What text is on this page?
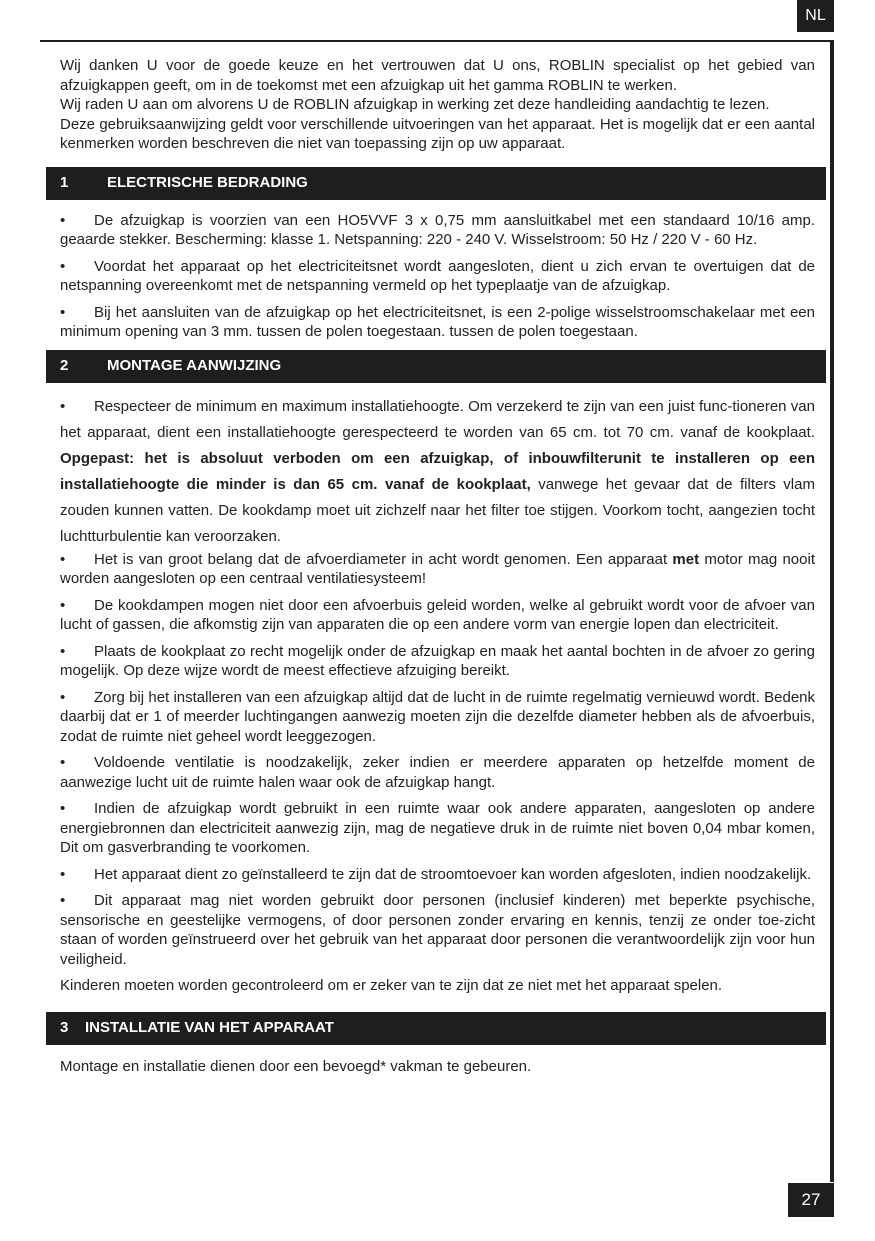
NL

Wij danken U voor de goede keuze en het vertrouwen dat U ons, ROBLIN specialist op het gebied van afzuigkappen geeft, om in de toekomst met een afzuigkap uit het gamma ROBLIN te werken.

Wij raden U aan om alvorens U de ROBLIN afzuigkap in werking zet deze handleiding aandachtig te lezen.

Deze gebruiksaanwijzing geldt voor verschillende uitvoeringen van het apparaat. Het is mogelijk dat er een aantal kenmerken worden beschreven die niet van toepassing zijn op uw apparaat.

1	ELECTRISCHE BEDRADING

• De afzuigkap is voorzien van een HO5VVF 3 x 0,75 mm aansluitkabel met een standaard 10/16 amp. geaarde stekker. Bescherming: klasse 1. Netspanning: 220 - 240 V. Wisselstroom: 50 Hz / 220 V - 60 Hz.

• Voordat het apparaat op het electriciteitsnet wordt aangesloten, dient u zich ervan te overtuigen dat de netspanning overeenkomt met de netspanning vermeld op het typeplaatje van de afzuigkap.

• Bij het aansluiten van de afzuigkap op het electriciteitsnet, is een 2-polige wisselstroomschakelaar met een minimum opening van 3 mm. tussen de polen toegestaan. tussen de polen toegestaan.

2	MONTAGE AANWIJZING

• Respecteer de minimum en maximum installatiehoogte. Om verzekerd te zijn van een juist func-tioneren van het apparaat, dient een installatiehoogte gerespecteerd te worden van 65 cm. tot 70 cm. vanaf de kookplaat. Opgepast: het is absoluut verboden om een afzuigkap, of inbouwfilterunit te installeren op een installatiehoogte die minder is dan 65 cm. vanaf de kookplaat, vanwege het gevaar dat de filters vlam zouden kunnen vatten. De kookdamp moet uit zichzelf naar het filter toe stijgen. Voorkom tocht, aangezien tocht luchtturbulentie kan veroorzaken.

• Het is van groot belang dat de afvoerdiameter in acht wordt genomen. Een apparaat met motor mag nooit worden aangesloten op een centraal ventilatiesysteem!

• De kookdampen mogen niet door een afvoerbuis geleid worden, welke al gebruikt wordt voor de afvoer van lucht of gassen, die afkomstig zijn van apparaten die op een andere vorm van energie lopen dan electriciteit.

• Plaats de kookplaat zo recht mogelijk onder de afzuigkap en maak het aantal bochten in de afvoer zo gering mogelijk. Op deze wijze wordt de meest effectieve afzuiging bereikt.

• Zorg bij het installeren van een afzuigkap altijd dat de lucht in de ruimte regelmatig vernieuwd wordt. Bedenk daarbij dat er 1 of meerder luchtingangen aanwezig moeten zijn die dezelfde diameter hebben als de afvoerbuis, zodat de ruimte niet geheel wordt leeggezogen.

• Voldoende ventilatie is noodzakelijk, zeker indien er meerdere apparaten op hetzelfde moment de aanwezige lucht uit de ruimte halen waar ook de afzuigkap hangt.

• Indien de afzuigkap wordt gebruikt in een ruimte waar ook andere apparaten, aangesloten op andere energiebronnen dan electriciteit aanwezig zijn, mag de negatieve druk in de ruimte niet boven 0,04 mbar komen, Dit om gasverbranding te voorkomen.

• Het apparaat dient zo geïnstalleerd te zijn dat de stroomtoevoer kan worden afgesloten, indien noodzakelijk.

• Dit apparaat mag niet worden gebruikt door personen (inclusief kinderen) met beperkte psychische, sensorische en geestelijke vermogens, of door personen zonder ervaring en kennis, tenzij ze onder toe-zicht staan of worden geïnstrueerd over het gebruik van het apparaat door personen die verantwoordelijk zijn voor hun veiligheid.

Kinderen moeten worden gecontroleerd om er zeker van te zijn dat ze niet met het apparaat spelen.

3	INSTALLATIE VAN HET APPARAAT

Montage en installatie dienen door een bevoegd* vakman te gebeuren.

27
